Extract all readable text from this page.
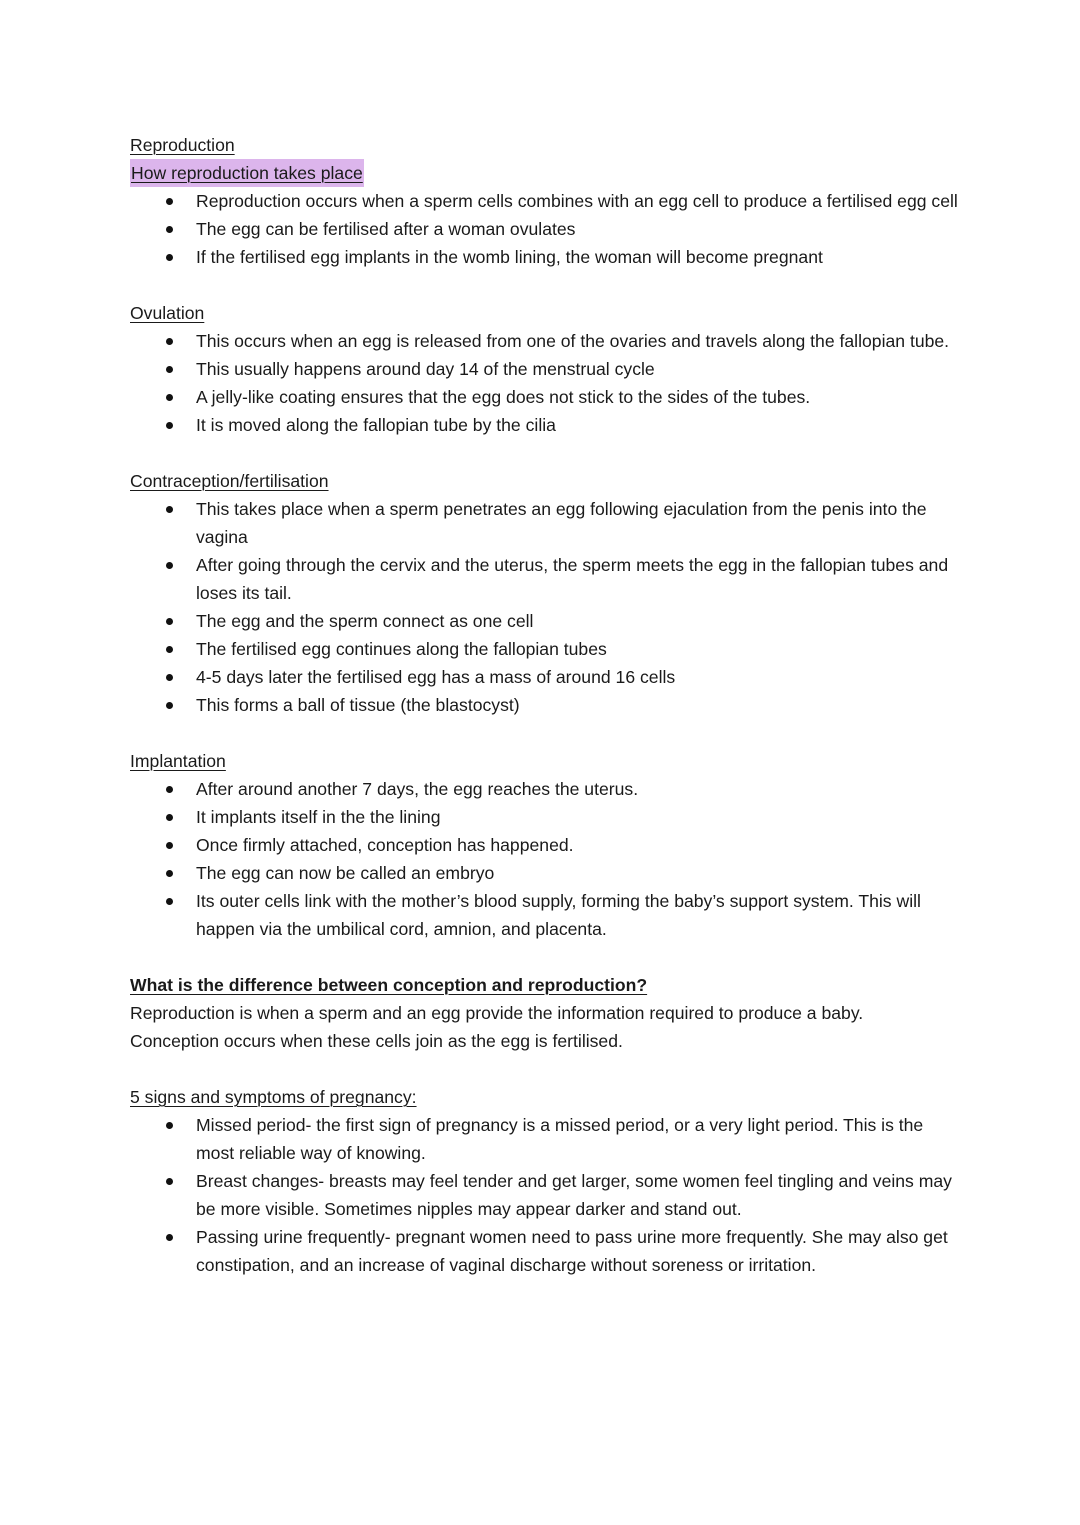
Reproduction
How reproduction takes place
Reproduction occurs when a sperm cells combines with an egg cell to produce a fertilised egg cell
The egg can be fertilised after a woman ovulates
If the fertilised egg implants in the womb lining, the woman will become pregnant
Ovulation
This occurs when an egg is released from one of the ovaries and travels along the fallopian tube.
This usually happens around day 14 of the menstrual cycle
A jelly-like coating ensures that the egg does not stick to the sides of the tubes.
It is moved along the fallopian tube by the cilia
Contraception/fertilisation
This takes place when a sperm penetrates an egg following ejaculation from the penis into the vagina
After going through the cervix and the uterus, the sperm meets the egg in the fallopian tubes and loses its tail.
The egg and the sperm connect as one cell
The fertilised egg continues along the fallopian tubes
4-5 days later the fertilised egg has a mass of around 16 cells
This forms a ball of tissue (the blastocyst)
Implantation
After around another 7 days, the egg reaches the uterus.
It implants itself in the the lining
Once firmly attached, conception has happened.
The egg can now be called an embryo
Its outer cells link with the mother’s blood supply, forming the baby’s support system. This will happen via the umbilical cord, amnion, and placenta.
What is the difference between conception and reproduction?
Reproduction is when a sperm and an egg provide the information required to produce a baby.
Conception occurs when these cells join as the egg is fertilised.
5 signs and symptoms of pregnancy:
Missed period- the first sign of pregnancy is a missed period, or a very light period. This is the most reliable way of knowing.
Breast changes- breasts may feel tender and get larger, some women feel tingling and veins may be more visible. Sometimes nipples may appear darker and stand out.
Passing urine frequently- pregnant women need to pass urine more frequently. She may also get constipation, and an increase of vaginal discharge without soreness or irritation.
